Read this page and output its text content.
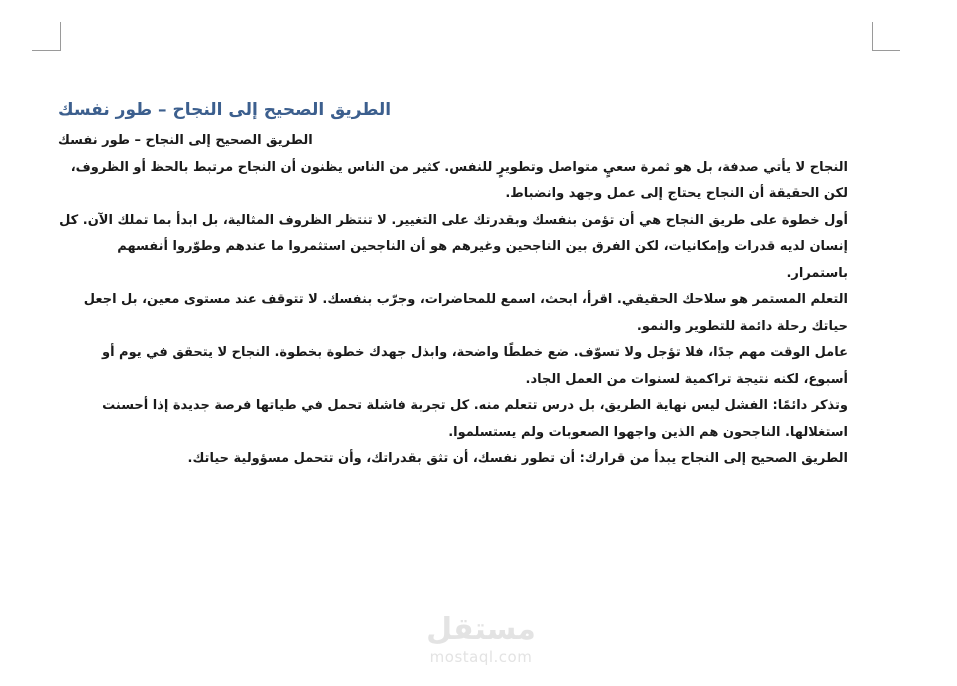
الطريق الصحيح إلى النجاح – طور نفسك

الطريق الصحيح إلى النجاح – طور نفسك

النجاح لا يأتي صدفة، بل هو ثمرة سعيٍ متواصل وتطويرٍ للنفس. كثير من الناس يظنون أن النجاح مرتبط بالحظ أو الظروف، لكن الحقيقة أن النجاح يحتاج إلى عمل وجهد وانضباط.

أول خطوة على طريق النجاح هي أن تؤمن بنفسك وبقدرتك على التغيير. لا تنتظر الظروف المثالية، بل ابدأ بما تملك الآن. كل إنسان لديه قدرات وإمكانيات، لكن الفرق بين الناجحين وغيرهم هو أن الناجحين استثمروا ما عندهم وطوّروا أنفسهم باستمرار.

التعلم المستمر هو سلاحك الحقيقي. اقرأ، ابحث، اسمع للمحاضرات، وجرّب بنفسك. لا تتوقف عند مستوى معين، بل اجعل حياتك رحلة دائمة للتطوير والنمو.

عامل الوقت مهم جدًا، فلا تؤجل ولا تسوّف. ضع خططًا واضحة، وابذل جهدك خطوة بخطوة. النجاح لا يتحقق في يوم أو أسبوع، لكنه نتيجة تراكمية لسنوات من العمل الجاد.

وتذكر دائمًا: الفشل ليس نهاية الطريق، بل درس تتعلم منه. كل تجربة فاشلة تحمل في طياتها فرصة جديدة إذا أحسنت استغلالها. الناجحون هم الذين واجهوا الصعوبات ولم يستسلموا.

الطريق الصحيح إلى النجاح يبدأ من قرارك: أن تطور نفسك، أن تثق بقدراتك، وأن تتحمل مسؤولية حياتك.

مستقل
mostaql.com
